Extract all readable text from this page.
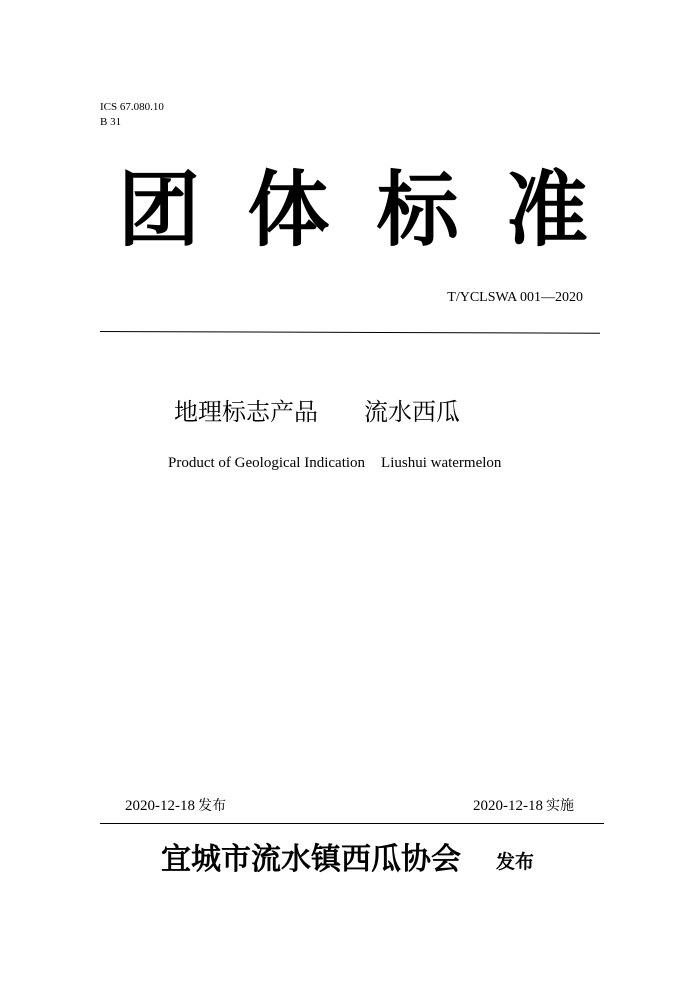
ICS 67.080.10
B 31
团 体 标 准
T/YCLSWA 001—2020
地理标志产品 流水西瓜
Product of Geological Indication Liushui watermelon
2020-12-18 发布	2020-12-18 实施
宜城市流水镇西瓜协会 发布
